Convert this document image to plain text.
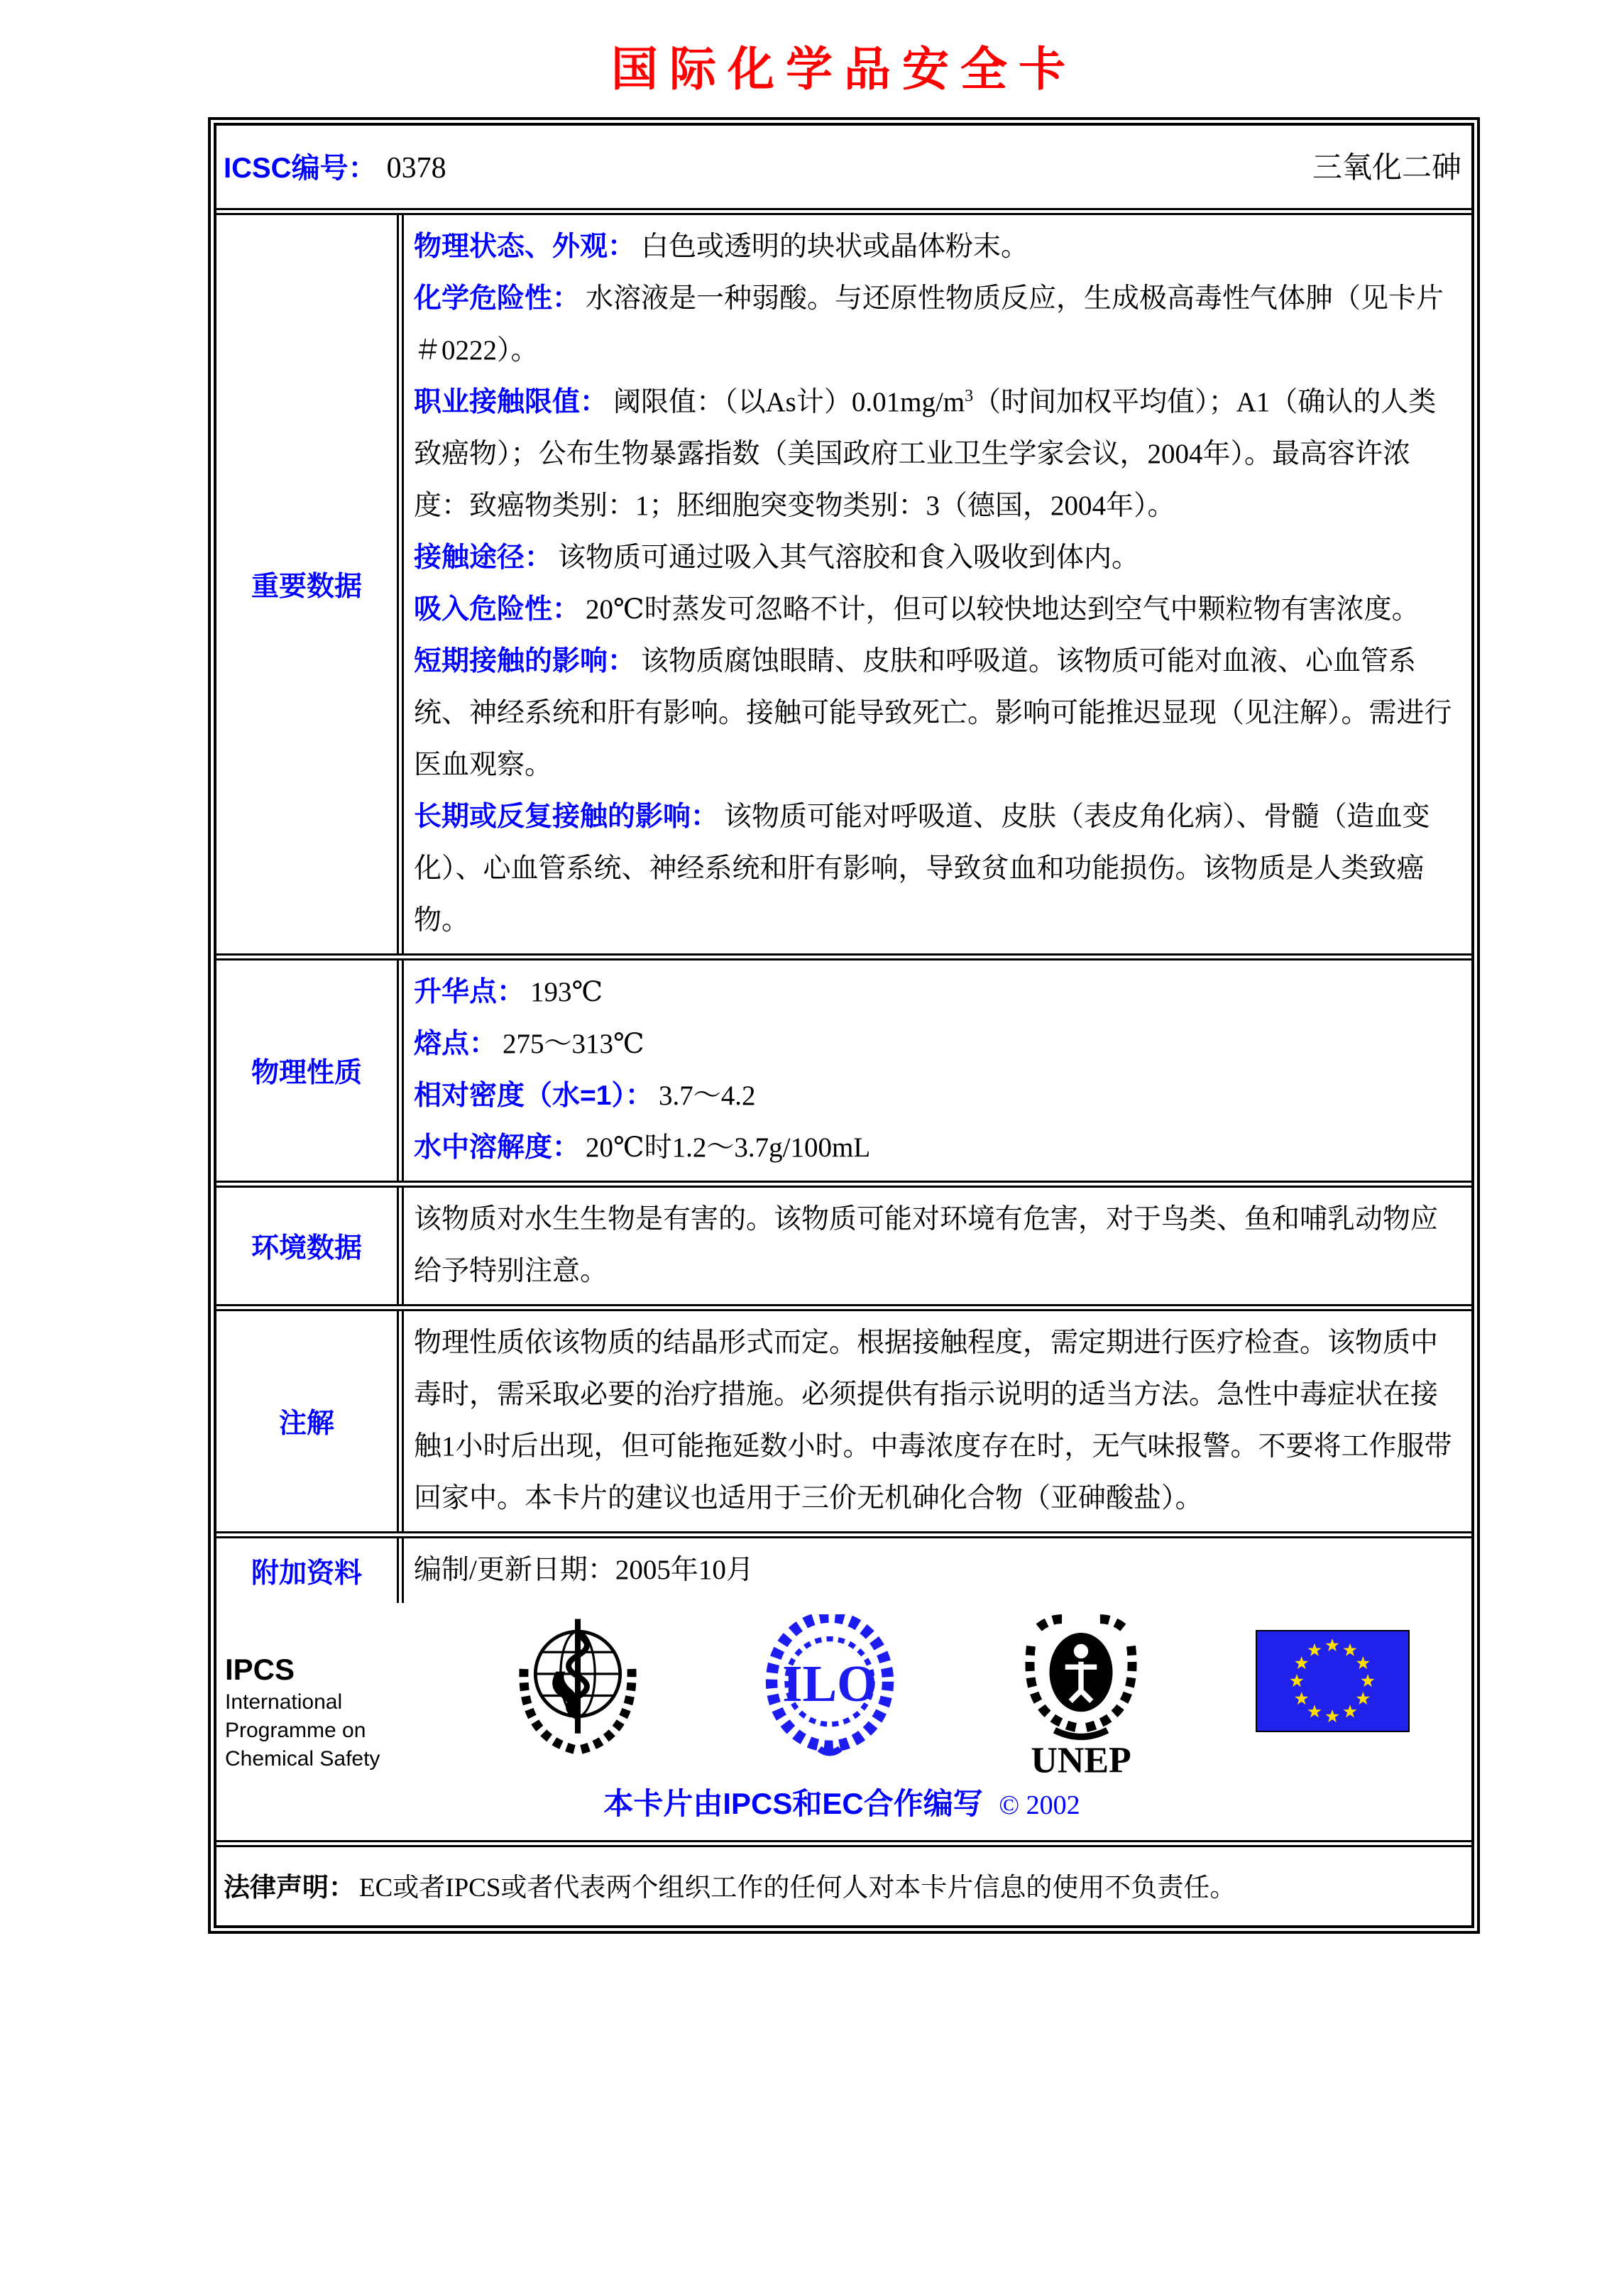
国际化学品安全卡
ICSC编号： 0378	三氧化二砷
重要数据

物理状态、外观： 白色或透明的块状或晶体粉末。

化学危险性： 水溶液是一种弱酸。与还原性物质反应，生成极高毒性气体胂（见卡片＃0222）。

职业接触限值： 阈限值：（以As计）$0.01mg/m^3$（时间加权平均值）；A1（确认的人类致癌物）；公布生物暴露指数（美国政府工业卫生学家会议，2004年）。最高容许浓度：致癌物类别：1；胚细胞突变物类别：3（德国，2004年）。

接触途径： 该物质可通过吸入其气溶胶和食入吸收到体内。

吸入危险性： 20℃时蒸发可忽略不计，但可以较快地达到空气中颗粒物有害浓度。

短期接触的影响： 该物质腐蚀眼睛、皮肤和呼吸道。该物质可能对血液、心血管系统、神经系统和肝有影响。接触可能导致死亡。影响可能推迟显现（见注解）。需进行医血观察。

长期或反复接触的影响： 该物质可能对呼吸道、皮肤（表皮角化病）、骨髓（造血变化）、心血管系统、神经系统和肝有影响，导致贫血和功能损伤。该物质是人类致癌物。

物理性质

升华点： 193℃

熔点： 275～313℃

相对密度（水=1）： 3.7～4.2

水中溶解度： 20℃时1.2～3.7g/100mL

环境数据

该物质对水生生物是有害的。该物质可能对环境有危害，对于鸟类、鱼和哺乳动物应给予特别注意。

注解

物理性质依该物质的结晶形式而定。根据接触程度，需定期进行医疗检查。该物质中毒时，需采取必要的治疗措施。必须提供有指示说明的适当方法。急性中毒症状在接触1小时后出现，但可能拖延数小时。中毒浓度存在时，无气味报警。不要将工作服带回家中。本卡片的建议也适用于三价无机砷化合物（亚砷酸盐）。

附加资料	编制/更新日期：2005年10月

IPCS
International
Programme on
Chemical Safety
ILO
UNEP
本卡片由IPCS和EC合作编写 © 2002
法律声明： EC或者IPCS或者代表两个组织工作的任何人对本卡片信息的使用不负责任。
